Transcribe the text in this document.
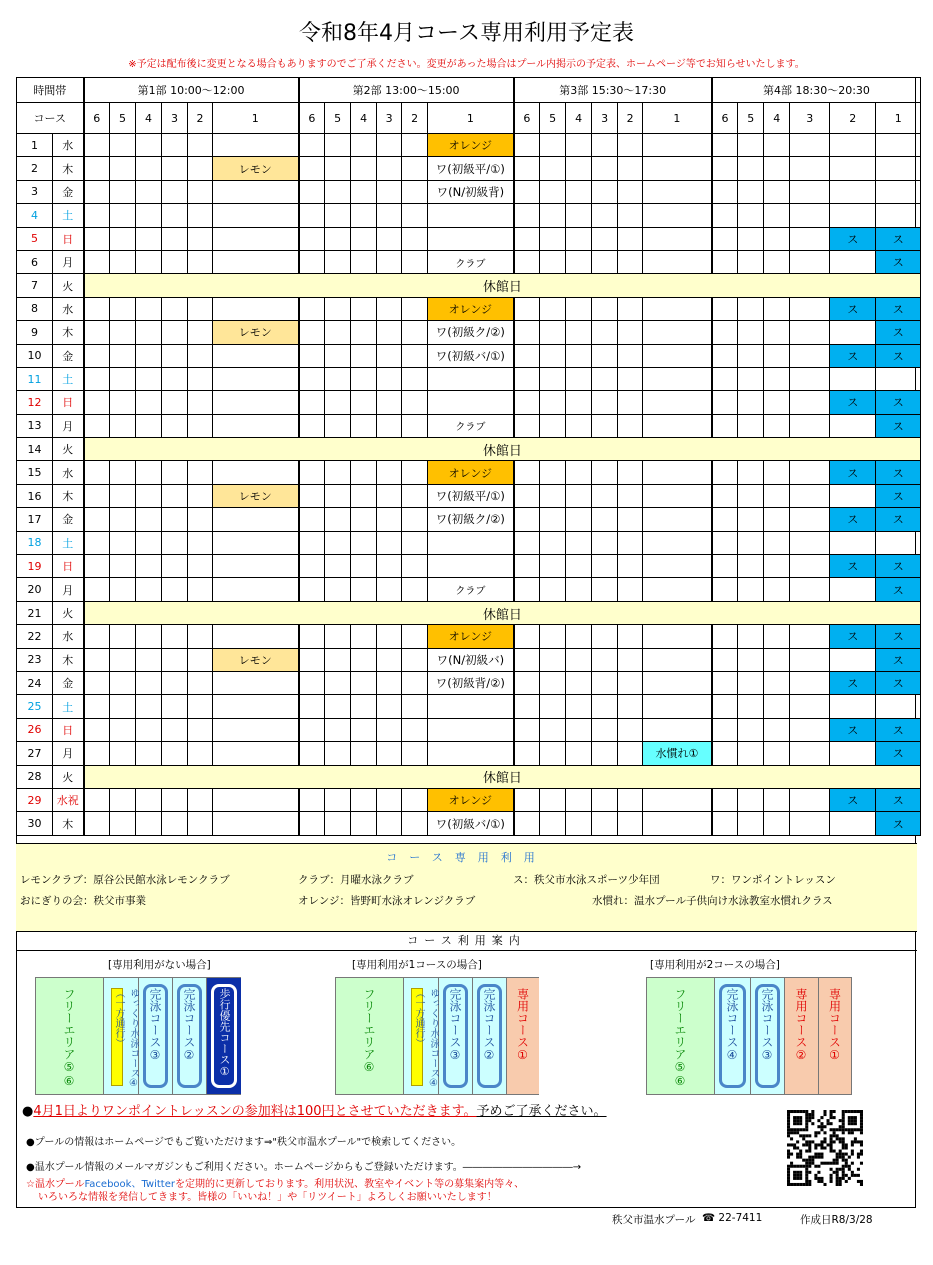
令和8年4月コース専用利用予定表
※予定は配布後に変更となる場合もありますのでご了承ください。変更があった場合はプール内掲示の予定表、ホームページ等でお知らせいたします。
時間帯		第1部 10:00～12:00						第2部 13:00～15:00						第3部 15:30～17:30						第4部 18:30～20:30					
コース		6	5	4	3	2	1	6	5	4	3	2	1	6	5	4	3	2	1	6	5	4	3	2	1
1	水												オレンジ												
2	木						レモン						ワ(初級平/①)												
3	金												ワ(N/初級背)												
4	土																								
5	日																							ス	ス
6	月												クラブ												ス
7	火	休館日																							
8	水												オレンジ											ス	ス
9	木						レモン						ワ(初級ク/②)												ス
10	金												ワ(初級バ/①)											ス	ス
11	土																								
12	日																							ス	ス
13	月												クラブ												ス
14	火	休館日																							
15	水												オレンジ											ス	ス
16	木						レモン						ワ(初級平/①)												ス
17	金												ワ(初級ク/②)											ス	ス
18	土																								
19	日																							ス	ス
20	月												クラブ												ス
21	火	休館日																							
22	水												オレンジ											ス	ス
23	木						レモン						ワ(N/初級バ)												ス
24	金												ワ(初級背/②)											ス	ス
25	土																								
26	日																							ス	ス
27	月																		水慣れ①						ス
28	火	休館日																							
29	水祝												オレンジ											ス	ス
30	木												ワ(初級バ/①)												ス
コース専用利用
レモンクラブ：原谷公民館水泳レモンクラブ	クラブ：月曜水泳クラブ	ス：秩父市水泳スポーツ少年団	ワ：ワンポイントレッスン
おにぎりの会：秩父市事業	オレンジ：皆野町水泳オレンジクラブ	水慣れ：温水プール子供向け水泳教室水慣れクラス
コース利用案内
[専用利用がない場合]	[専用利用が1コースの場合]	[専用利用が2コースの場合]
フリーエリア⑤⑥	ゆっくり水泳コース④（一方通行）	完泳コース③ 完泳コース② 歩行優先コース①	フリーエリア⑥	ゆっくり水泳コース④（一方通行）	完泳コース③ 完泳コース② 専用コース①	フリーエリア⑤⑥	完泳コース④ 完泳コース③ 専用コース② 専用コース①
●4月1日よりワンポイントレッスンの参加料は100円とさせていただきます。予めご了承ください。
●プールの情報はホームページでもご覧いただけます⇒"秩父市温水プール"で検索してください。
●温水プール情報のメールマガジンもご利用ください。ホームページからもご登録いただけます。―――――――――――→
☆温水プールFacebook、Twitterを定期的に更新しております。利用状況、教室やイベント等の募集案内等々、
いろいろな情報を発信してきます。皆様の「いいね！」や「リツイート」よろしくお願いいたします！
秩父市温水プール ☎ 22-7411	作成日R8/3/28
